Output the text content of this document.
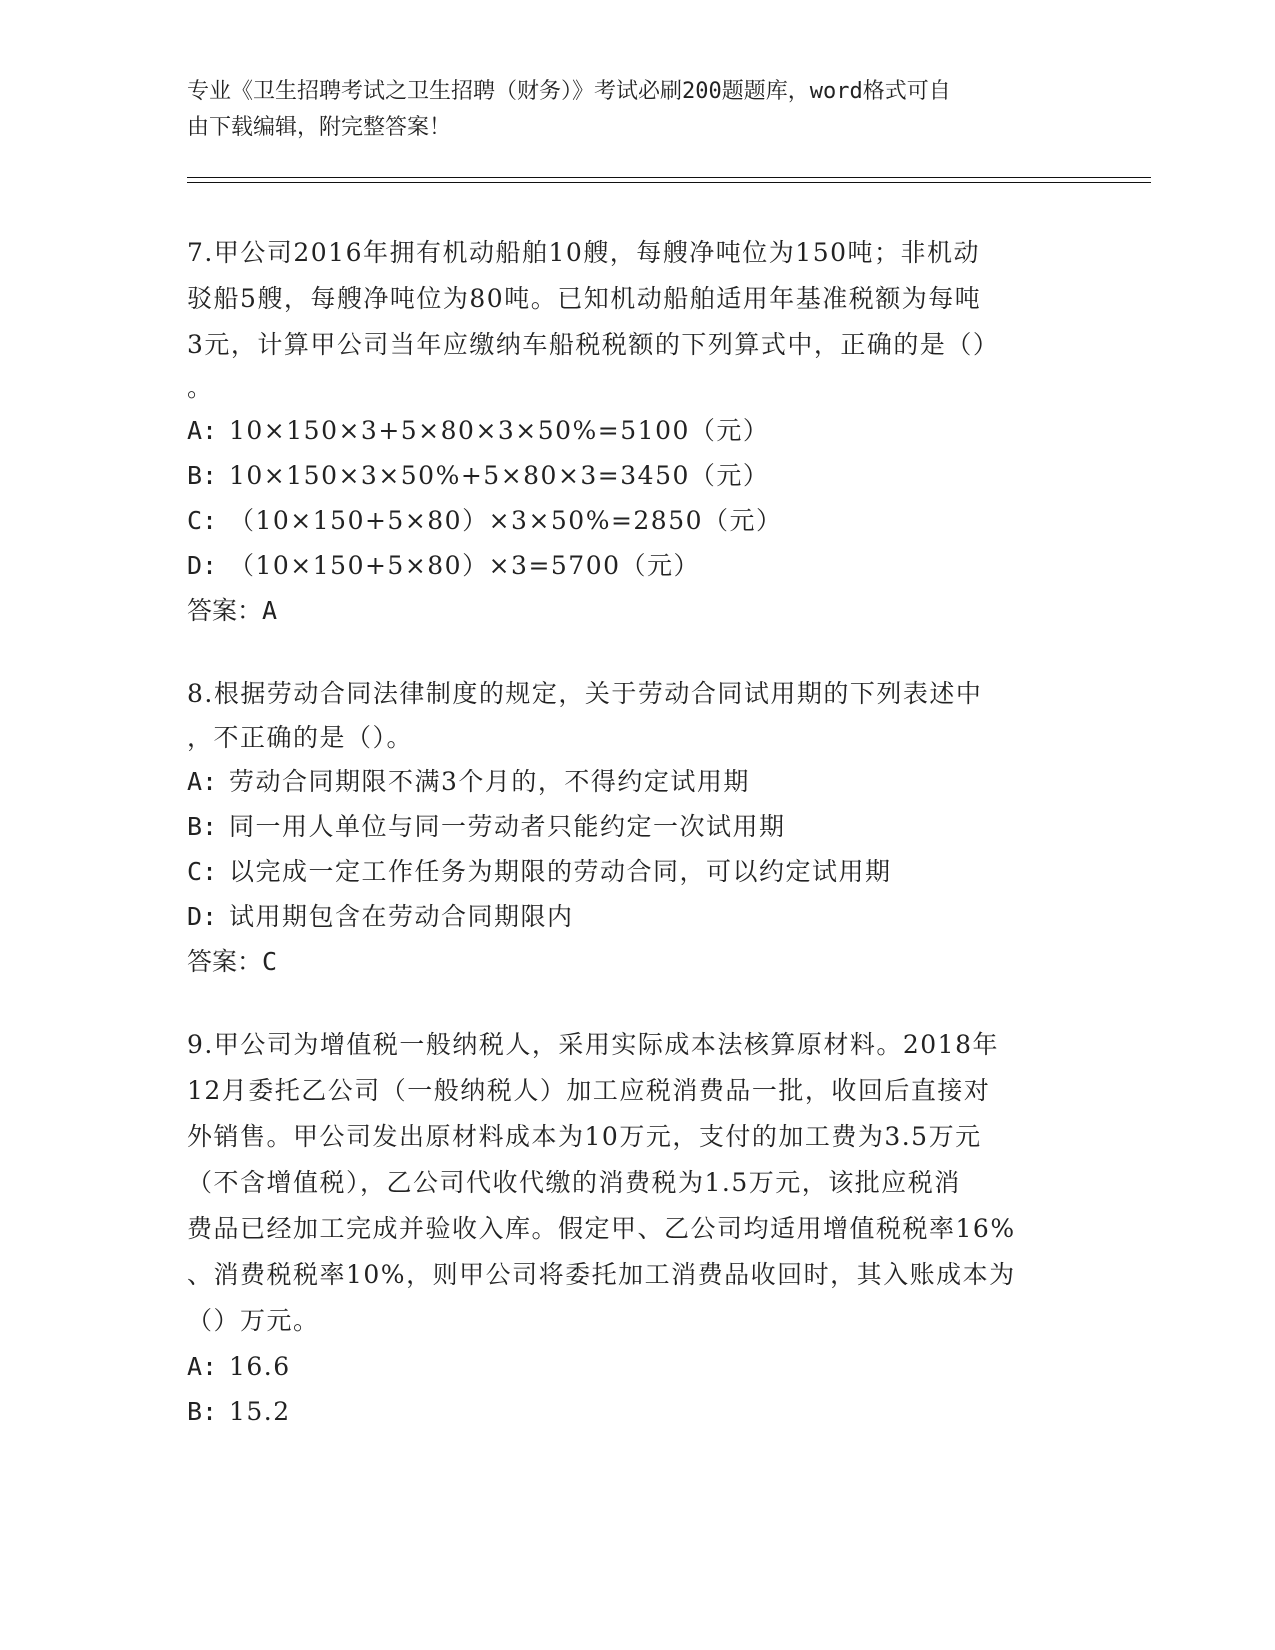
专业《卫生招聘考试之卫生招聘（财务）》考试必刷200题题库，word格式可自
由下载编辑，附完整答案！
7.甲公司2016年拥有机动船舶10艘，每艘净吨位为150吨；非机动
驳船5艘，每艘净吨位为80吨。已知机动船舶适用年基准税额为每吨
3元，计算甲公司当年应缴纳车船税税额的下列算式中，正确的是（）
。
A: 10×150×3+5×80×3×50%=5100（元）
B: 10×150×3×50%+5×80×3=3450（元）
C: （10×150+5×80）×3×50%=2850（元）
D: （10×150+5×80）×3=5700（元）
答案：A
8.根据劳动合同法律制度的规定，关于劳动合同试用期的下列表述中
，不正确的是（）。
A: 劳动合同期限不满3个月的，不得约定试用期
B: 同一用人单位与同一劳动者只能约定一次试用期
C: 以完成一定工作任务为期限的劳动合同，可以约定试用期
D: 试用期包含在劳动合同期限内
答案：C
9.甲公司为增值税一般纳税人，采用实际成本法核算原材料。2018年
12月委托乙公司（一般纳税人）加工应税消费品一批，收回后直接对
外销售。甲公司发出原材料成本为10万元，支付的加工费为3.5万元
（不含增值税），乙公司代收代缴的消费税为1.5万元，该批应税消
费品已经加工完成并验收入库。假定甲、乙公司均适用增值税税率16%
、消费税税率10%，则甲公司将委托加工消费品收回时，其入账成本为
（）万元。
A: 16.6
B: 15.2
